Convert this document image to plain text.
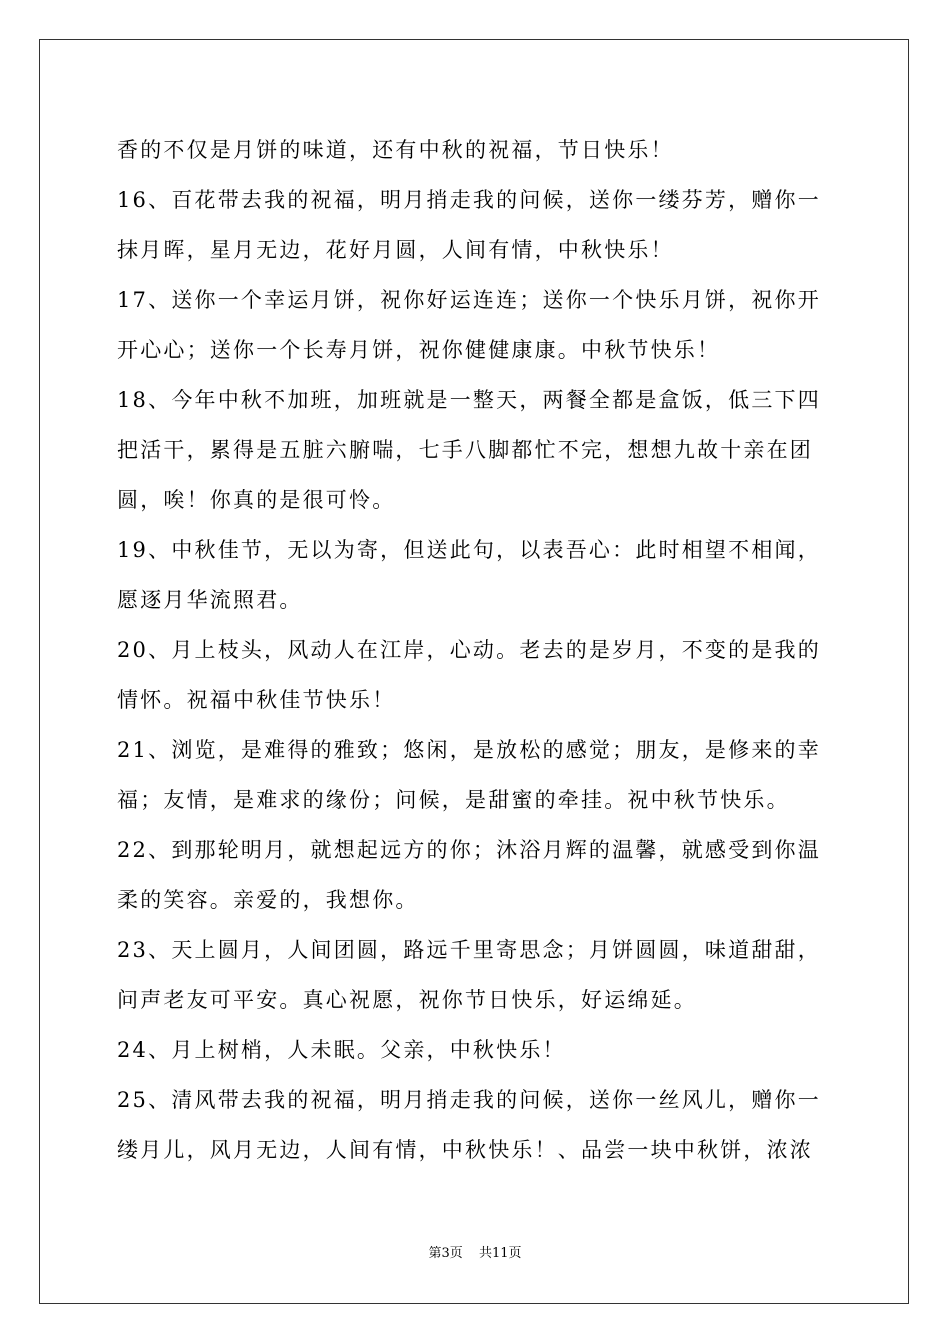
香的不仅是月饼的味道，还有中秋的祝福，节日快乐！
16、百花带去我的祝福，明月捎走我的问候，送你一缕芬芳，赠你一
抹月晖，星月无边，花好月圆，人间有情，中秋快乐！
17、送你一个幸运月饼，祝你好运连连；送你一个快乐月饼，祝你开
开心心；送你一个长寿月饼，祝你健健康康。中秋节快乐！
18、今年中秋不加班，加班就是一整天，两餐全都是盒饭，低三下四
把活干，累得是五脏六腑喘，七手八脚都忙不完，想想九故十亲在团
圆，唉！你真的是很可怜。
19、中秋佳节，无以为寄，但送此句，以表吾心：此时相望不相闻，
愿逐月华流照君。
20、月上枝头，风动人在江岸，心动。老去的是岁月，不变的是我的
情怀。祝福中秋佳节快乐！
21、浏览，是难得的雅致；悠闲，是放松的感觉；朋友，是修来的幸
福；友情，是难求的缘份；问候，是甜蜜的牵挂。祝中秋节快乐。
22、到那轮明月，就想起远方的你；沐浴月辉的温馨，就感受到你温
柔的笑容。亲爱的，我想你。
23、天上圆月，人间团圆，路远千里寄思念；月饼圆圆，味道甜甜，
问声老友可平安。真心祝愿，祝你节日快乐，好运绵延。
24、月上树梢，人未眠。父亲，中秋快乐！
25、清风带去我的祝福，明月捎走我的问候，送你一丝风儿，赠你一
缕月儿，风月无边，人间有情，中秋快乐！、品尝一块中秋饼，浓浓
第3页 共11页
